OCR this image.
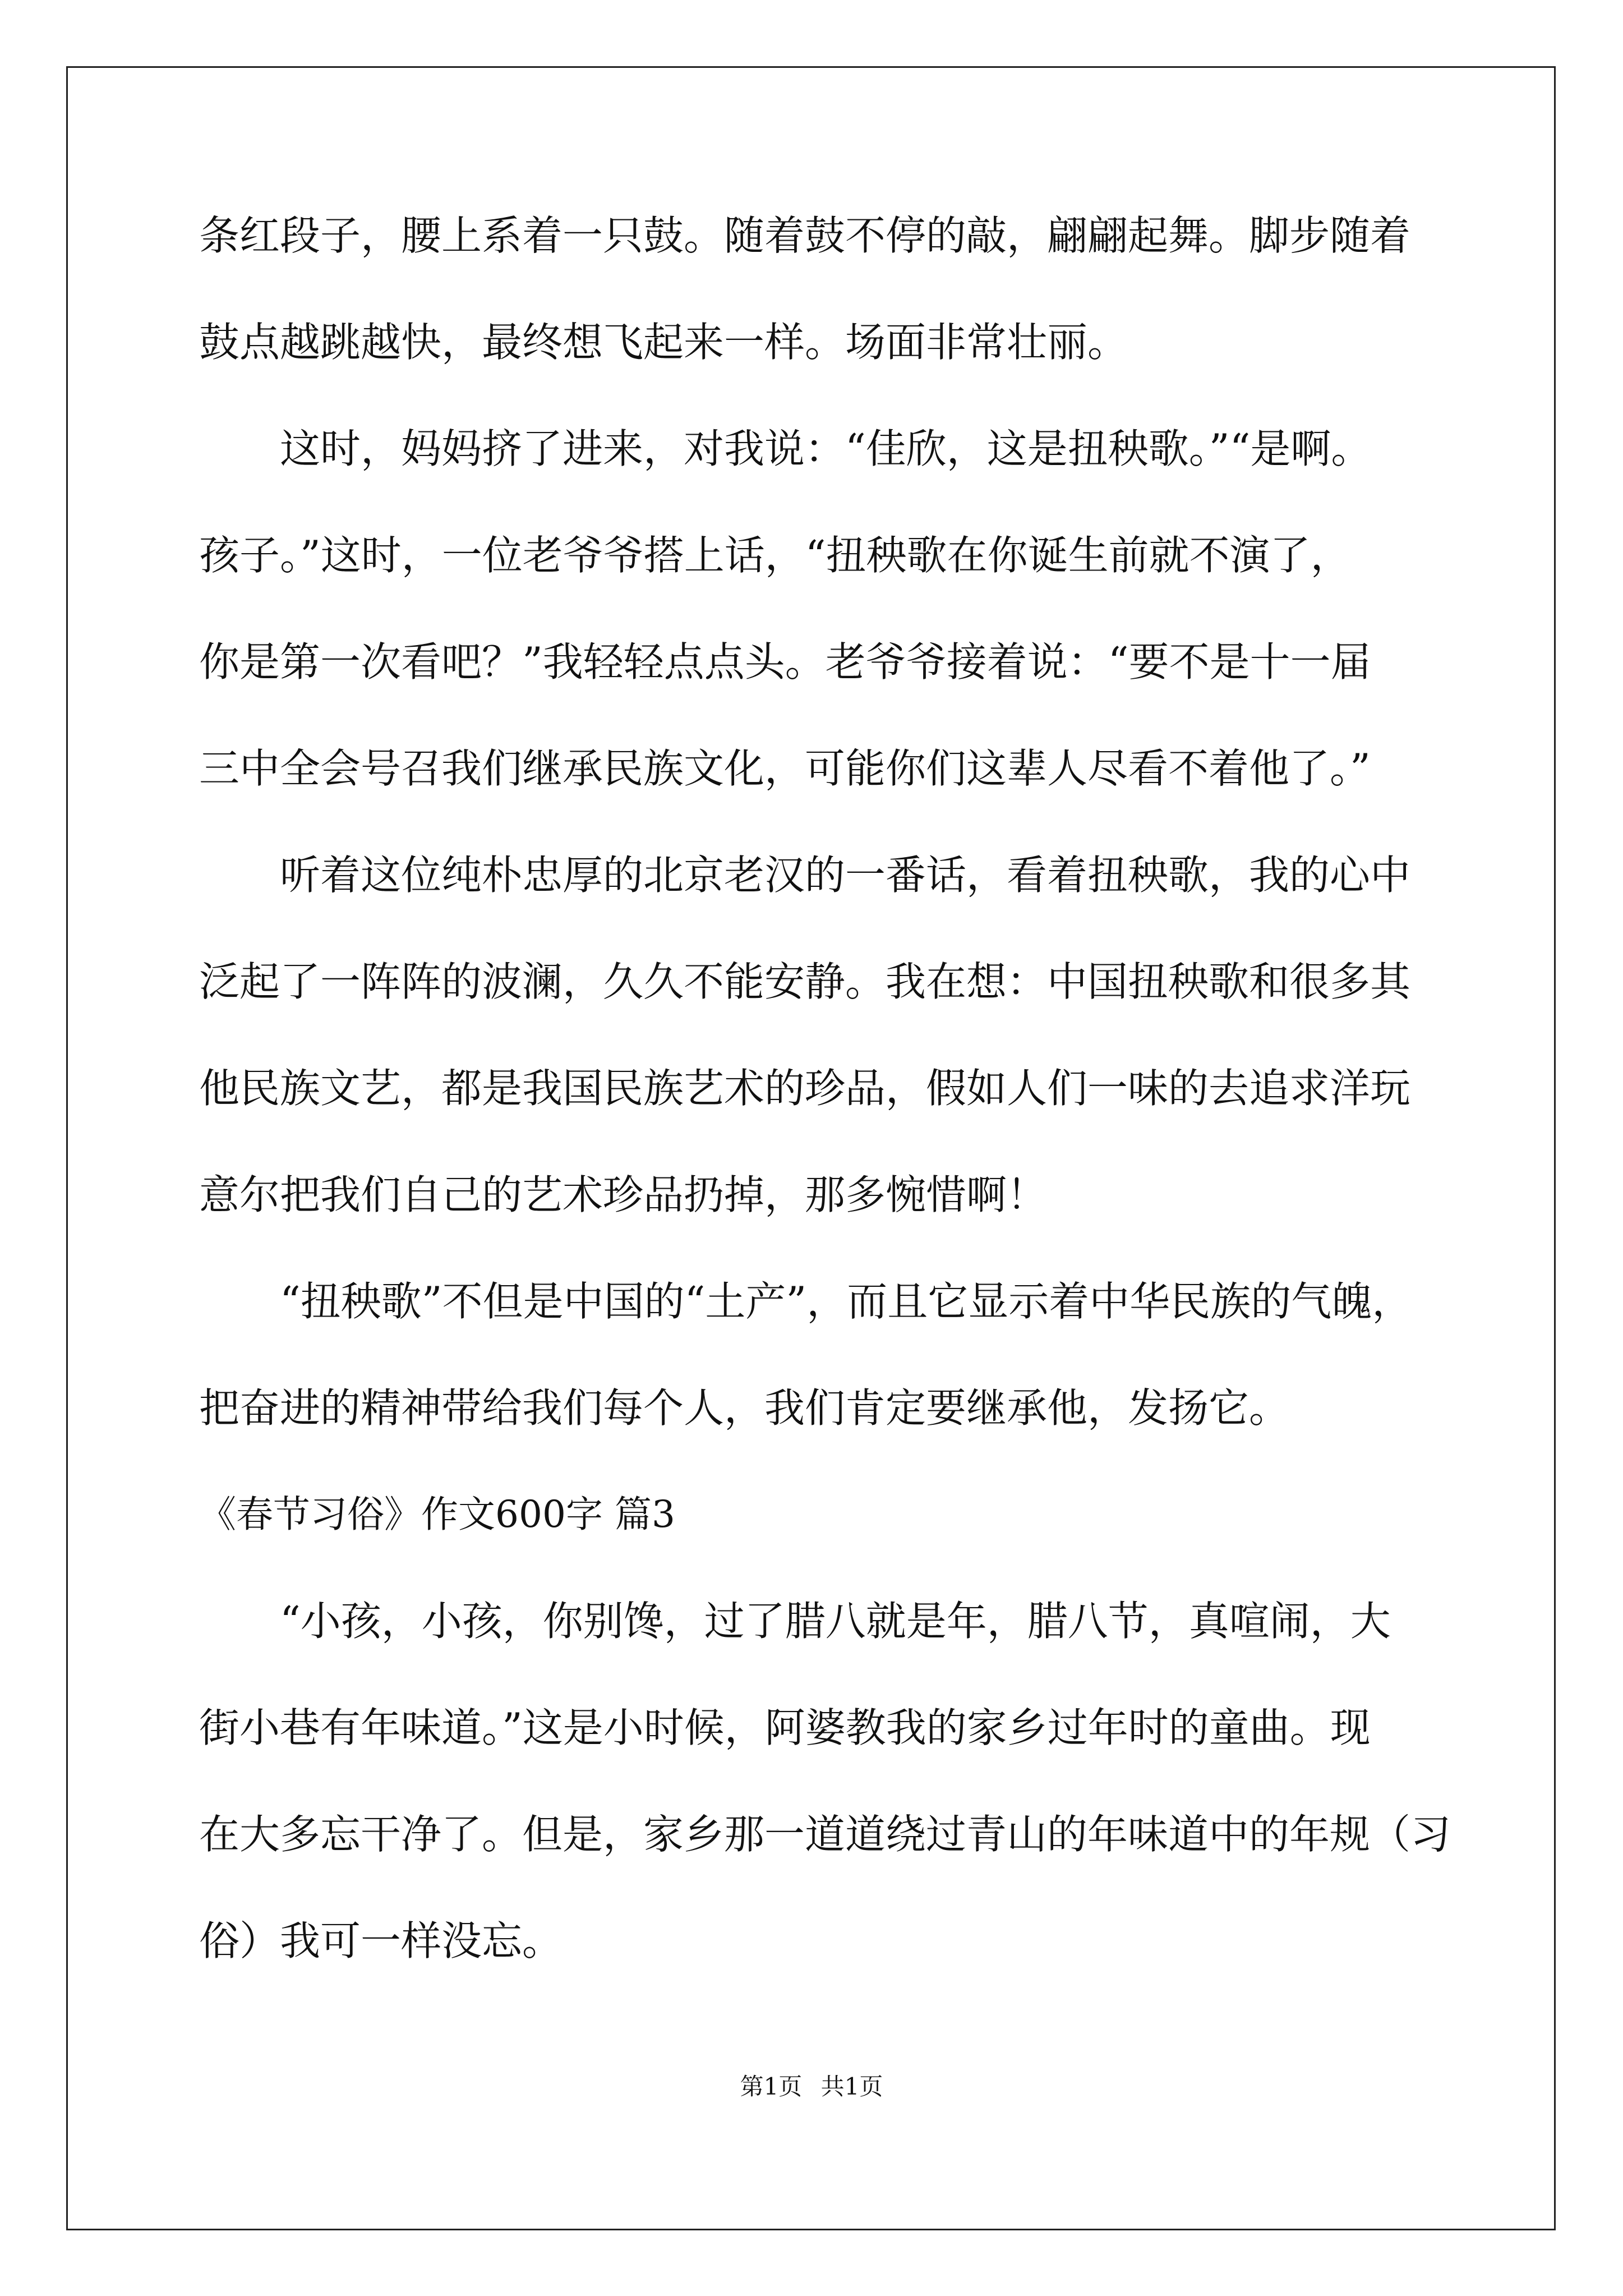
条红段子，腰上系着一只鼓。随着鼓不停的敲，翩翩起舞。脚步随着
鼓点越跳越快，最终想飞起来一样。场面非常壮丽。
这时，妈妈挤了进来，对我说：“佳欣，这是扭秧歌。”“是啊。
孩子。”这时，一位老爷爷搭上话，“扭秧歌在你诞生前就不演了，
你是第一次看吧？”我轻轻点点头。老爷爷接着说：“要不是十一届
三中全会号召我们继承民族文化，可能你们这辈人尽看不着他了。”
听着这位纯朴忠厚的北京老汉的一番话，看着扭秧歌，我的心中
泛起了一阵阵的波澜，久久不能安静。我在想：中国扭秧歌和很多其
他民族文艺，都是我国民族艺术的珍品，假如人们一味的去追求洋玩
意尔把我们自己的艺术珍品扔掉，那多惋惜啊！
“扭秧歌”不但是中国的“土产”，而且它显示着中华民族的气魄，
把奋进的精神带给我们每个人，我们肯定要继承他，发扬它。
《春节习俗》作文600字 篇3
“小孩，小孩，你别馋，过了腊八就是年，腊八节，真喧闹，大
街小巷有年味道。”这是小时候，阿婆教我的家乡过年时的童曲。现
在大多忘干净了。但是，家乡那一道道绕过青山的年味道中的年规（习
俗）我可一样没忘。
第1页 共1页
